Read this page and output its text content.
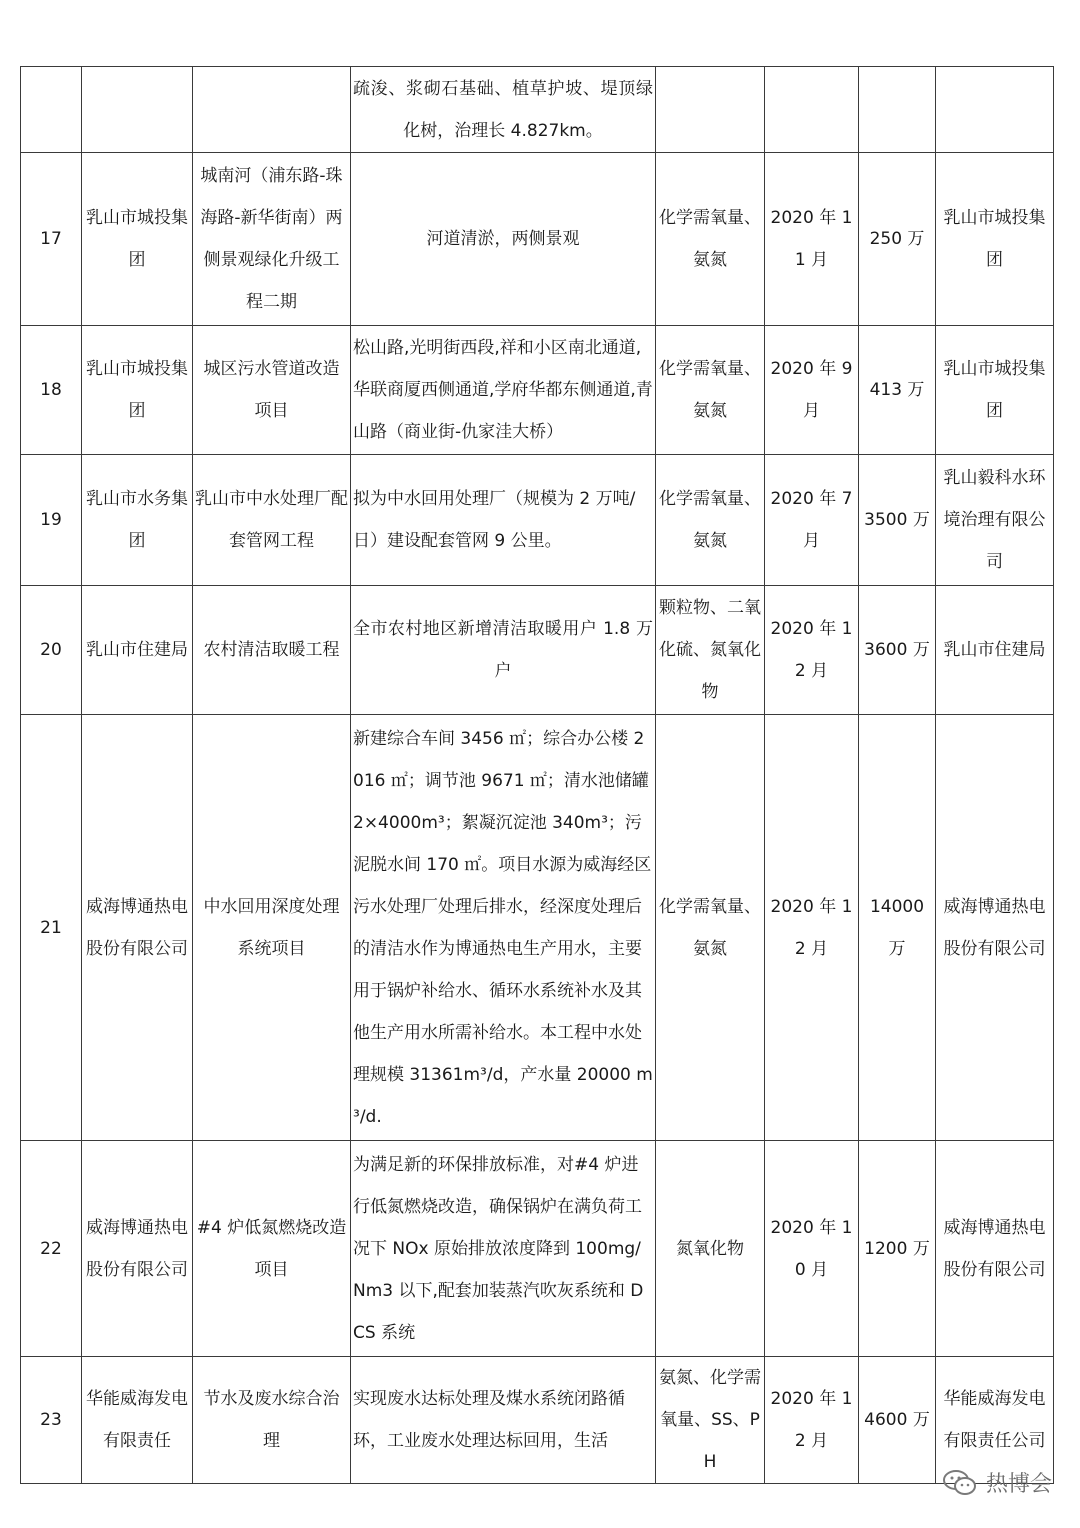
			疏浚、浆砌石基础、植草护坡、堤顶绿化树，治理长 4.827km。				
17	乳山市城投集团	城南河（浦东路-珠海路-新华街南）两侧景观绿化升级工程二期	河道清淤，两侧景观	化学需氧量、氨氮	2020 年 11 月	250 万	乳山市城投集团
18	乳山市城投集团	城区污水管道改造项目	松山路,光明街西段,祥和小区南北通道,华联商厦西侧通道,学府华都东侧通道,青山路（商业街-仇家洼大桥）	化学需氧量、氨氮	2020 年 9 月	413 万	乳山市城投集团
19	乳山市水务集团	乳山市中水处理厂配套管网工程	拟为中水回用处理厂（规模为 2 万吨/日）建设配套管网 9 公里。	化学需氧量、氨氮	2020 年 7 月	3500 万	乳山毅科水环境治理有限公司
20	乳山市住建局	农村清洁取暖工程	全市农村地区新增清洁取暖用户 1.8 万户	颗粒物、二氧化硫、氮氧化物	2020 年 12 月	3600 万	乳山市住建局
21	威海博通热电股份有限公司	中水回用深度处理系统项目	新建综合车间 3456 ㎡；综合办公楼 2016 ㎡；调节池 9671 ㎡；清水池储罐 2×4000m³；絮凝沉淀池 340m³；污泥脱水间 170 ㎡。项目水源为威海经区污水处理厂处理后排水，经深度处理后的清洁水作为博通热电生产用水，主要用于锅炉补给水、循环水系统补水及其他生产用水所需补给水。本工程中水处理规模 31361m³/d，产水量 20000 m³/d.	化学需氧量、氨氮	2020 年 12 月	14000 万	威海博通热电股份有限公司
22	威海博通热电股份有限公司	#4 炉低氮燃烧改造项目	为满足新的环保排放标准，对#4 炉进行低氮燃烧改造，确保锅炉在满负荷工况下 NOx 原始排放浓度降到 100mg/Nm3 以下,配套加装蒸汽吹灰系统和 DCS 系统	氮氧化物	2020 年 10 月	1200 万	威海博通热电股份有限公司
23	华能威海发电有限责任	节水及废水综合治理	实现废水达标处理及煤水系统闭路循环，工业废水处理达标回用，生活	氨氮、化学需氧量、SS、PH	2020 年 12 月	4600 万	华能威海发电有限责任公司
热博会
